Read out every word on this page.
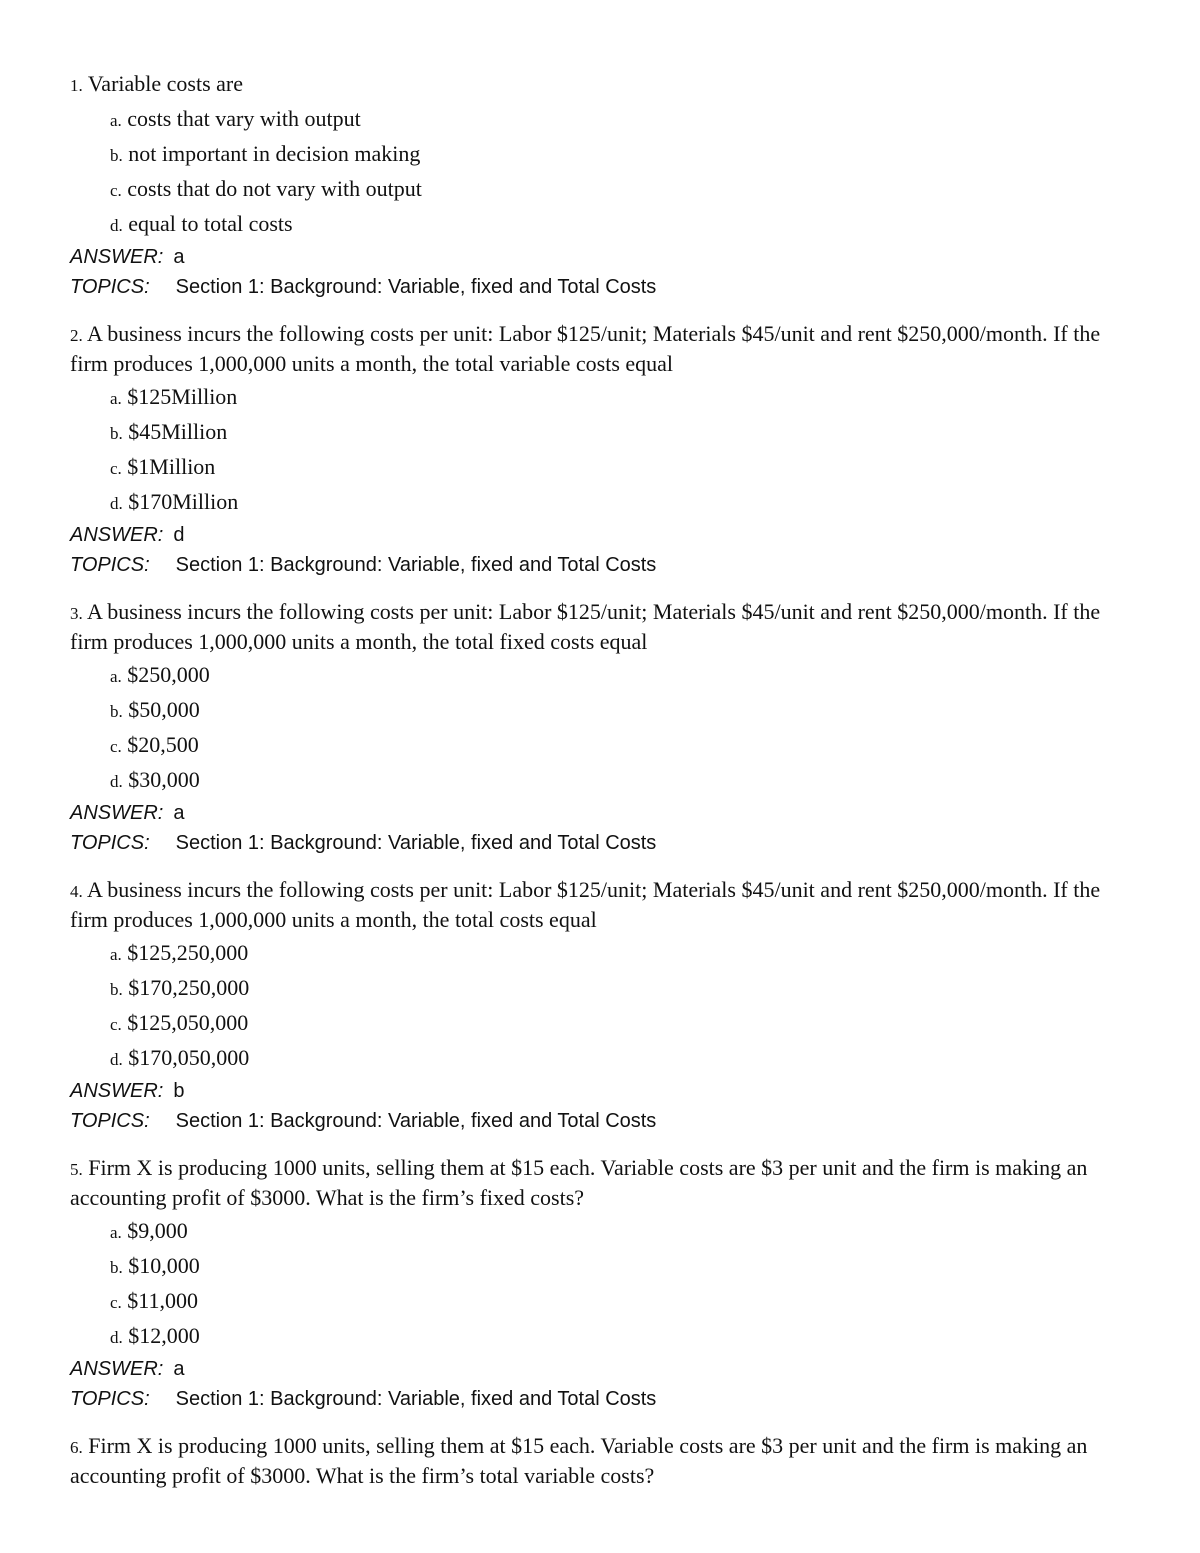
1. Variable costs are
a. costs that vary with output
b. not important in decision making
c. costs that do not vary with output
d. equal to total costs
ANSWER: a
TOPICS: Section 1: Background: Variable, fixed and Total Costs
2. A business incurs the following costs per unit: Labor $125/unit; Materials $45/unit and rent $250,000/month. If the firm produces 1,000,000 units a month, the total variable costs equal
a. $125Million
b. $45Million
c. $1Million
d. $170Million
ANSWER: d
TOPICS: Section 1: Background: Variable, fixed and Total Costs
3. A business incurs the following costs per unit: Labor $125/unit; Materials $45/unit and rent $250,000/month. If the firm produces 1,000,000 units a month, the total fixed costs equal
a. $250,000
b. $50,000
c. $20,500
d. $30,000
ANSWER: a
TOPICS: Section 1: Background: Variable, fixed and Total Costs
4. A business incurs the following costs per unit: Labor $125/unit; Materials $45/unit and rent $250,000/month. If the firm produces 1,000,000 units a month, the total costs equal
a. $125,250,000
b. $170,250,000
c. $125,050,000
d. $170,050,000
ANSWER: b
TOPICS: Section 1: Background: Variable, fixed and Total Costs
5. Firm X is producing 1000 units, selling them at $15 each. Variable costs are $3 per unit and the firm is making an accounting profit of $3000. What is the firm’s fixed costs?
a. $9,000
b. $10,000
c. $11,000
d. $12,000
ANSWER: a
TOPICS: Section 1: Background: Variable, fixed and Total Costs
6. Firm X is producing 1000 units, selling them at $15 each. Variable costs are $3 per unit and the firm is making an accounting profit of $3000. What is the firm’s total variable costs?
